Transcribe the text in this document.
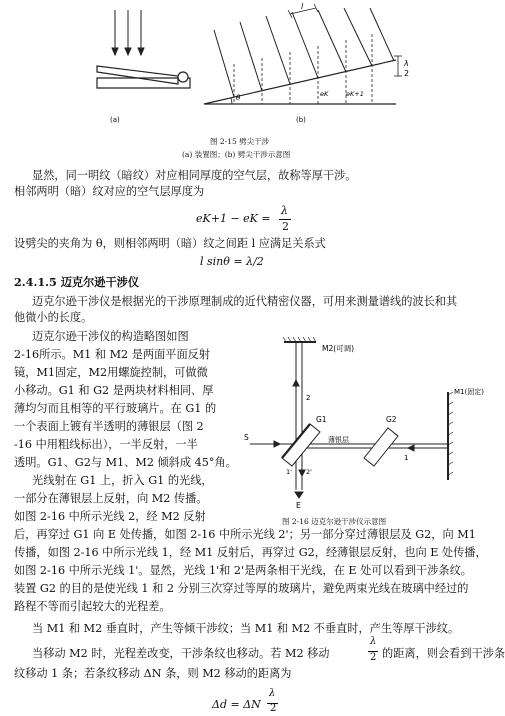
(a)
l
λ
2
θ	eK	eK+1
(b)
图 2-15 劈尖干涉
(a) 装置图；(b) 劈尖干涉示意图
显然，同一明纹（暗纹）对应相同厚度的空气层，故称等厚干涉。
相邻两明（暗）纹对应的空气层厚度为
eK+1 − eK =
λ
2
设劈尖的夹角为 θ，则相邻两明（暗）纹之间距 l 应满足关系式
l sinθ = λ/2
2.4.1.5 迈克尔逊干涉仪
迈克尔逊干涉仪是根据光的干涉原理制成的近代精密仪器，可用来测量谱线的波长和其
他微小的长度。
迈克尔逊干涉仪的构造略图如图
2-16所示。M1 和 M2 是两面平面反射
镜，M1固定，M2用螺旋控制，可做微
小移动。G1 和 G2 是两块材料相同、厚
薄均匀而且相等的平行玻璃片。在 G1 的
一个表面上镀有半透明的薄银层（图 2
-16 中用粗线标出），一半反射，一半
透明。G1、G2与 M1、M2 倾斜成 45°角。
光线射在 G1 上，折入 G1 的光线，
一部分在薄银层上反射，向 M2 传播。
如图 2-16 中所示光线 2，经 M2 反射
M2(可调)
M1(固定)
G1	G2
薄银层
S
E
1
2
1' 2'
图 2-16 迈克尔逊干涉仪示意图
后，再穿过 G1 向 E 处传播，如图 2-16 中所示光线 2'；另一部分穿过薄银层及 G2，向 M1
传播，如图 2-16 中所示光线 1，经 M1 反射后，再穿过 G2，经薄银层反射，也向 E 处传播，
如图 2-16 中所示光线 1'。显然，光线 1'和 2'是两条相干光线，在 E 处可以看到干涉条纹。
装置 G2 的目的是使光线 1 和 2 分别三次穿过等厚的玻璃片，避免两束光线在玻璃中经过的
路程不等而引起较大的光程差。
当 M1 和 M2 垂直时，产生等倾干涉纹；当 M1 和 M2 不垂直时，产生等厚干涉纹。
当移动 M2 时，光程差改变，干涉条纹也移动。若 M2 移动
λ
2 的距离，则会看到干涉条
纹移动 1 条；若条纹移动 ΔN 条，则 M2 移动的距离为
Δd = ΔN
λ
2
